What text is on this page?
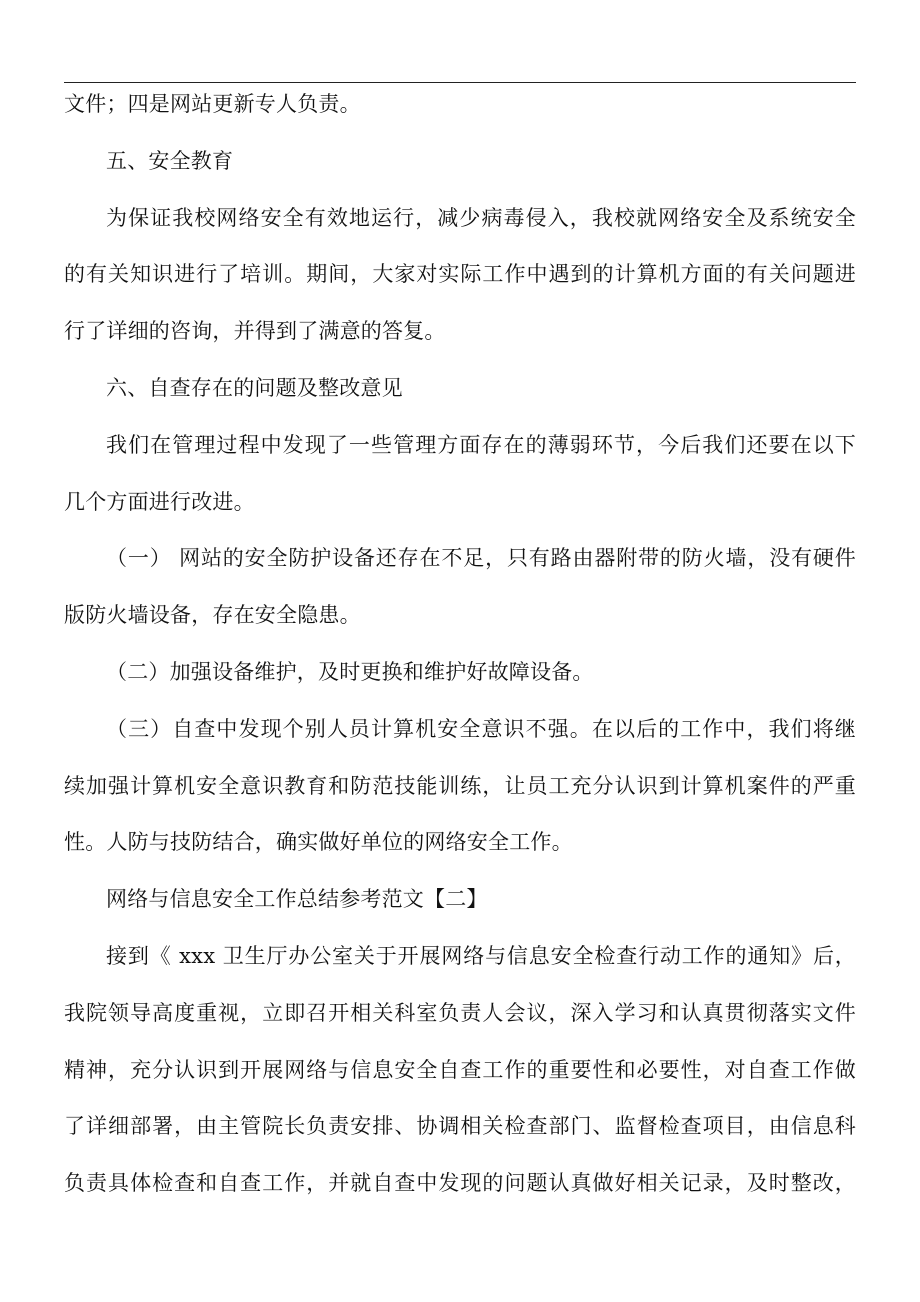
文件；四是网站更新专人负责。
五、安全教育
为保证我校网络安全有效地运行，减少病毒侵入，我校就网络安全及系统安全
的有关知识进行了培训。期间，大家对实际工作中遇到的计算机方面的有关问题进
行了详细的咨询，并得到了满意的答复。
六、自查存在的问题及整改意见
我们在管理过程中发现了一些管理方面存在的薄弱环节，今后我们还要在以下
几个方面进行改进。
（一） 网站的安全防护设备还存在不足，只有路由器附带的防火墙，没有硬件
版防火墙设备，存在安全隐患。
（二）加强设备维护，及时更换和维护好故障设备。
（三）自查中发现个别人员计算机安全意识不强。在以后的工作中，我们将继
续加强计算机安全意识教育和防范技能训练，让员工充分认识到计算机案件的严重
性。人防与技防结合，确实做好单位的网络安全工作。
网络与信息安全工作总结参考范文【二】
接到《 xxx 卫生厅办公室关于开展网络与信息安全检查行动工作的通知》后，
我院领导高度重视，立即召开相关科室负责人会议，深入学习和认真贯彻落实文件
精神，充分认识到开展网络与信息安全自查工作的重要性和必要性，对自查工作做
了详细部署，由主管院长负责安排、协调相关检查部门、监督检查项目，由信息科
负责具体检查和自查工作，并就自查中发现的问题认真做好相关记录，及时整改，
